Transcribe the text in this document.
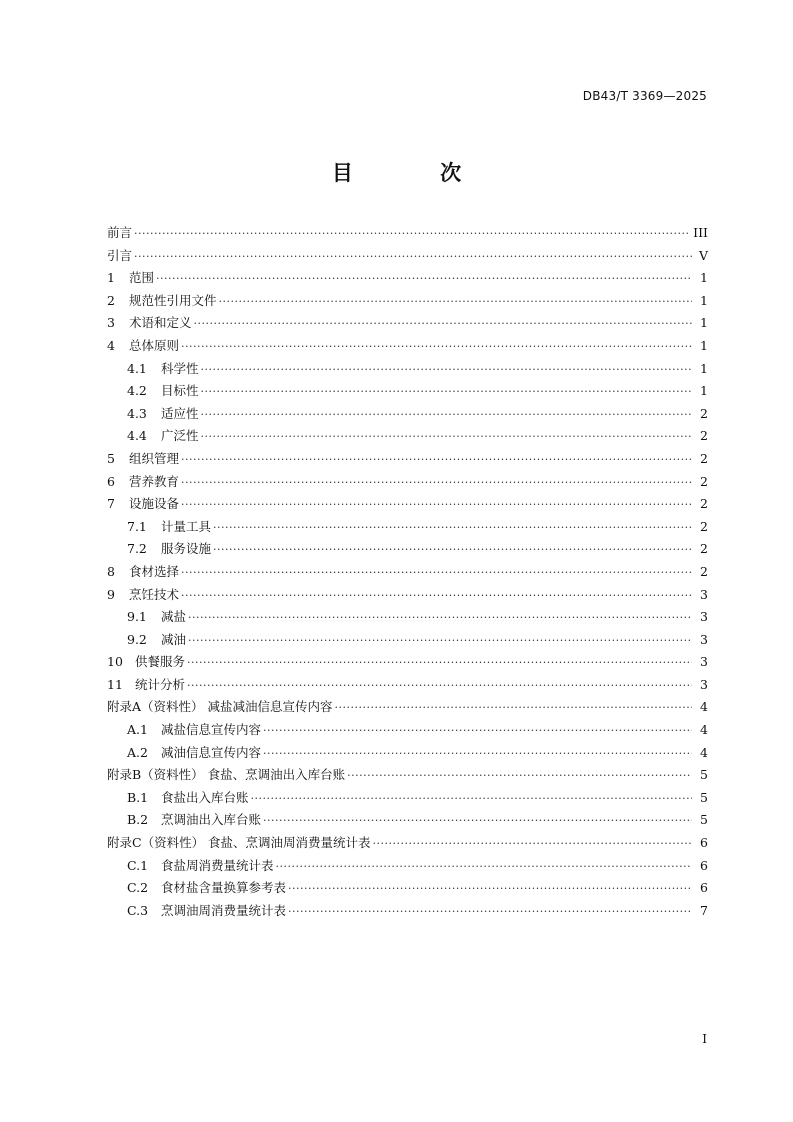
DB43/T 3369—2025
目 次
前言 ·····	III
引言 ·····	V
1	范围 ·····	1
2	规范性引用文件 ·····	1
3	术语和定义 ·····	1
4	总体原则 ·····	1
4.1	科学性 ·····	1
4.2	目标性 ·····	1
4.3	适应性 ·····	2
4.4	广泛性 ·····	2
5	组织管理 ·····	2
6	营养教育 ·····	2
7	设施设备 ·····	2
7.1	计量工具 ·····	2
7.2	服务设施 ·····	2
8	食材选择 ·····	2
9	烹饪技术 ·····	3
9.1	减盐 ·····	3
9.2	减油 ·····	3
10 供餐服务 ·····	3
11 统计分析 ·····	3
附录A（资料性） 减盐减油信息宣传内容 ·····	4
A.1	减盐信息宣传内容 ·····	4
A.2	减油信息宣传内容 ·····	4
附录B（资料性） 食盐、烹调油出入库台账 ·····	5
B.1	食盐出入库台账 ·····	5
B.2	烹调油出入库台账 ·····	5
附录C（资料性） 食盐、烹调油周消费量统计表 ·····	6
C.1	食盐周消费量统计表 ·····	6
C.2	食材盐含量换算参考表 ·····	6
C.3	烹调油周消费量统计表 ·····	7
I
